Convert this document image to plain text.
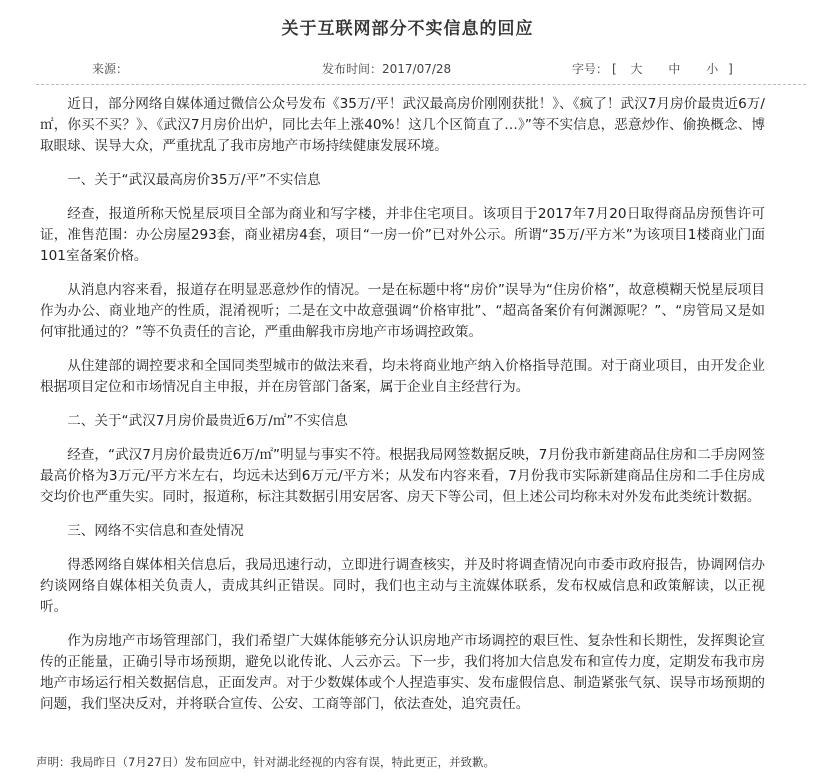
关于互联网部分不实信息的回应
来源：	发布时间：2017/07/28	字号： [ 大 中 小 ]

近日，部分网络自媒体通过微信公众号发布《35万/平！武汉最高房价刚刚获批！》、《疯了！武汉7月房价最贵近6万/㎡，你买不买？》、《武汉7月房价出炉，同比去年上涨40%！这几个区简直了…》”等不实信息，恶意炒作、偷换概念、博取眼球、误导大众，严重扰乱了我市房地产市场持续健康发展环境。

一、关于“武汉最高房价35万/平”不实信息

经查，报道所称天悦星辰项目全部为商业和写字楼，并非住宅项目。该项目于2017年7月20日取得商品房预售许可证，准售范围：办公房屋293套，商业裙房4套，项目“一房一价”已对外公示。所谓“35万/平方米”为该项目1楼商业门面101室备案价格。

从消息内容来看，报道存在明显恶意炒作的情况。一是在标题中将“房价”误导为“住房价格”，故意模糊天悦星辰项目作为办公、商业地产的性质，混淆视听；二是在文中故意强调“价格审批”、“超高备案价有何渊源呢？”、“房管局又是如何审批通过的？”等不负责任的言论，严重曲解我市房地产市场调控政策。

从住建部的调控要求和全国同类型城市的做法来看，均未将商业地产纳入价格指导范围。对于商业项目，由开发企业根据项目定位和市场情况自主申报，并在房管部门备案，属于企业自主经营行为。

二、关于“武汉7月房价最贵近6万/㎡”不实信息

经查，“武汉7月房价最贵近6万/㎡”明显与事实不符。根据我局网签数据反映，7月份我市新建商品住房和二手房网签最高价格为3万元/平方米左右，均远未达到6万元/平方米；从发布内容来看，7月份我市实际新建商品住房和二手住房成交均价也严重失实。同时，报道称，标注其数据引用安居客、房天下等公司，但上述公司均称未对外发布此类统计数据。

三、网络不实信息和查处情况

得悉网络自媒体相关信息后，我局迅速行动，立即进行调查核实，并及时将调查情况向市委市政府报告，协调网信办约谈网络自媒体相关负责人，责成其纠正错误。同时，我们也主动与主流媒体联系，发布权威信息和政策解读，以正视听。

作为房地产市场管理部门，我们希望广大媒体能够充分认识房地产市场调控的艰巨性、复杂性和长期性，发挥舆论宣传的正能量，正确引导市场预期，避免以讹传讹、人云亦云。下一步，我们将加大信息发布和宣传力度，定期发布我市房地产市场运行相关数据信息，正面发声。对于少数媒体或个人捏造事实、发布虚假信息、制造紧张气氛、误导市场预期的问题，我们坚决反对，并将联合宣传、公安、工商等部门，依法查处，追究责任。

声明：我局昨日（7月27日）发布回应中，针对湖北经视的内容有误，特此更正，并致歉。
